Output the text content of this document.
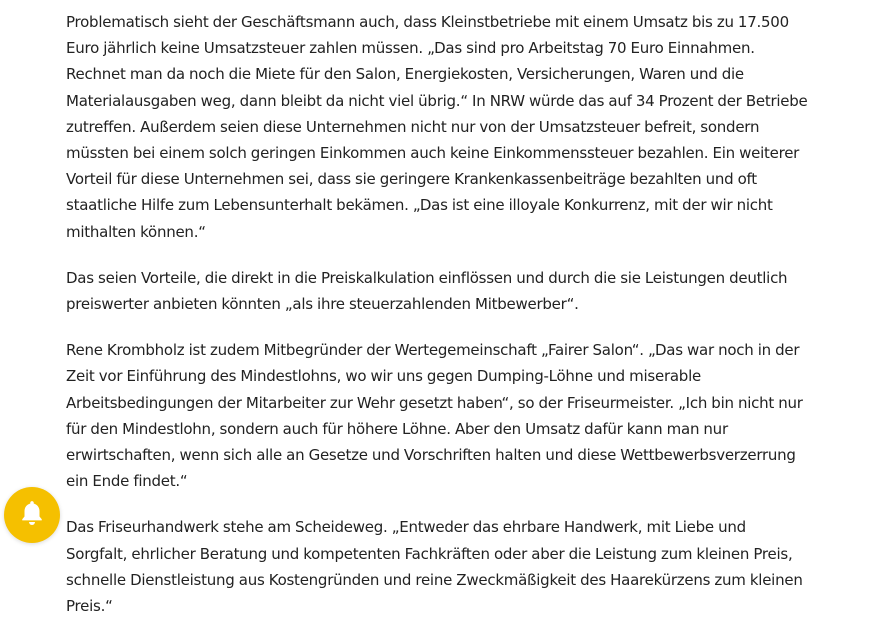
Problematisch sieht der Geschäftsmann auch, dass Kleinstbetriebe mit einem Umsatz bis zu 17.500 Euro jährlich keine Umsatzsteuer zahlen müssen. „Das sind pro Arbeitstag 70 Euro Einnahmen. Rechnet man da noch die Miete für den Salon, Energiekosten, Versicherungen, Waren und die Materialausgaben weg, dann bleibt da nicht viel übrig.“ In NRW würde das auf 34 Prozent der Betriebe zutreffen. Außerdem seien diese Unternehmen nicht nur von der Umsatzsteuer befreit, sondern müssten bei einem solch geringen Einkommen auch keine Einkommenssteuer bezahlen. Ein weiterer Vorteil für diese Unternehmen sei, dass sie geringere Krankenkassenbeiträge bezahlten und oft staatliche Hilfe zum Lebensunterhalt bekämen. „Das ist eine illoyale Konkurrenz, mit der wir nicht mithalten können.“

Das seien Vorteile, die direkt in die Preiskalkulation einflössen und durch die sie Leistungen deutlich preiswerter anbieten könnten „als ihre steuerzahlenden Mitbewerber“.

Rene Krombholz ist zudem Mitbegründer der Wertegemeinschaft „Fairer Salon“. „Das war noch in der Zeit vor Einführung des Mindestlohns, wo wir uns gegen Dumping-Löhne und miserable Arbeitsbedingungen der Mitarbeiter zur Wehr gesetzt haben“, so der Friseurmeister. „Ich bin nicht nur für den Mindestlohn, sondern auch für höhere Löhne. Aber den Umsatz dafür kann man nur erwirtschaften, wenn sich alle an Gesetze und Vorschriften halten und diese Wettbewerbsverzerrung ein Ende findet.“

Das Friseurhandwerk stehe am Scheideweg. „Entweder das ehrbare Handwerk, mit Liebe und Sorgfalt, ehrlicher Beratung und kompetenten Fachkräften oder aber die Leistung zum kleinen Preis, schnelle Dienstleistung aus Kostengründen und reine Zweckmäßigkeit des Haarekürzens zum kleinen Preis.“
